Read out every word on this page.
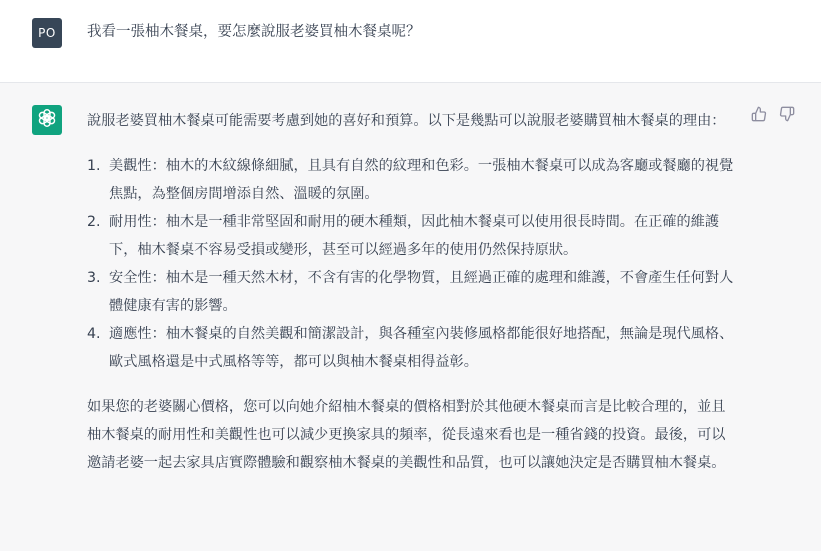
PO	我看一張柚木餐桌，要怎麼說服老婆買柚木餐桌呢？

說服老婆買柚木餐桌可能需要考慮到她的喜好和預算。以下是幾點可以說服老婆購買柚木餐桌的理由：

1. 美觀性：柚木的木紋線條細膩，且具有自然的紋理和色彩。一張柚木餐桌可以成為客廳或餐廳的視覺焦點，為整個房間增添自然、溫暖的氛圍。
2. 耐用性：柚木是一種非常堅固和耐用的硬木種類，因此柚木餐桌可以使用很長時間。在正確的維護下，柚木餐桌不容易受損或變形，甚至可以經過多年的使用仍然保持原狀。
3. 安全性：柚木是一種天然木材，不含有害的化學物質，且經過正確的處理和維護，不會產生任何對人體健康有害的影響。
4. 適應性：柚木餐桌的自然美觀和簡潔設計，與各種室內裝修風格都能很好地搭配，無論是現代風格、歐式風格還是中式風格等等，都可以與柚木餐桌相得益彰。

如果您的老婆關心價格，您可以向她介紹柚木餐桌的價格相對於其他硬木餐桌而言是比較合理的，並且柚木餐桌的耐用性和美觀性也可以減少更換家具的頻率，從長遠來看也是一種省錢的投資。最後，可以邀請老婆一起去家具店實際體驗和觀察柚木餐桌的美觀性和品質，也可以讓她決定是否購買柚木餐桌。
